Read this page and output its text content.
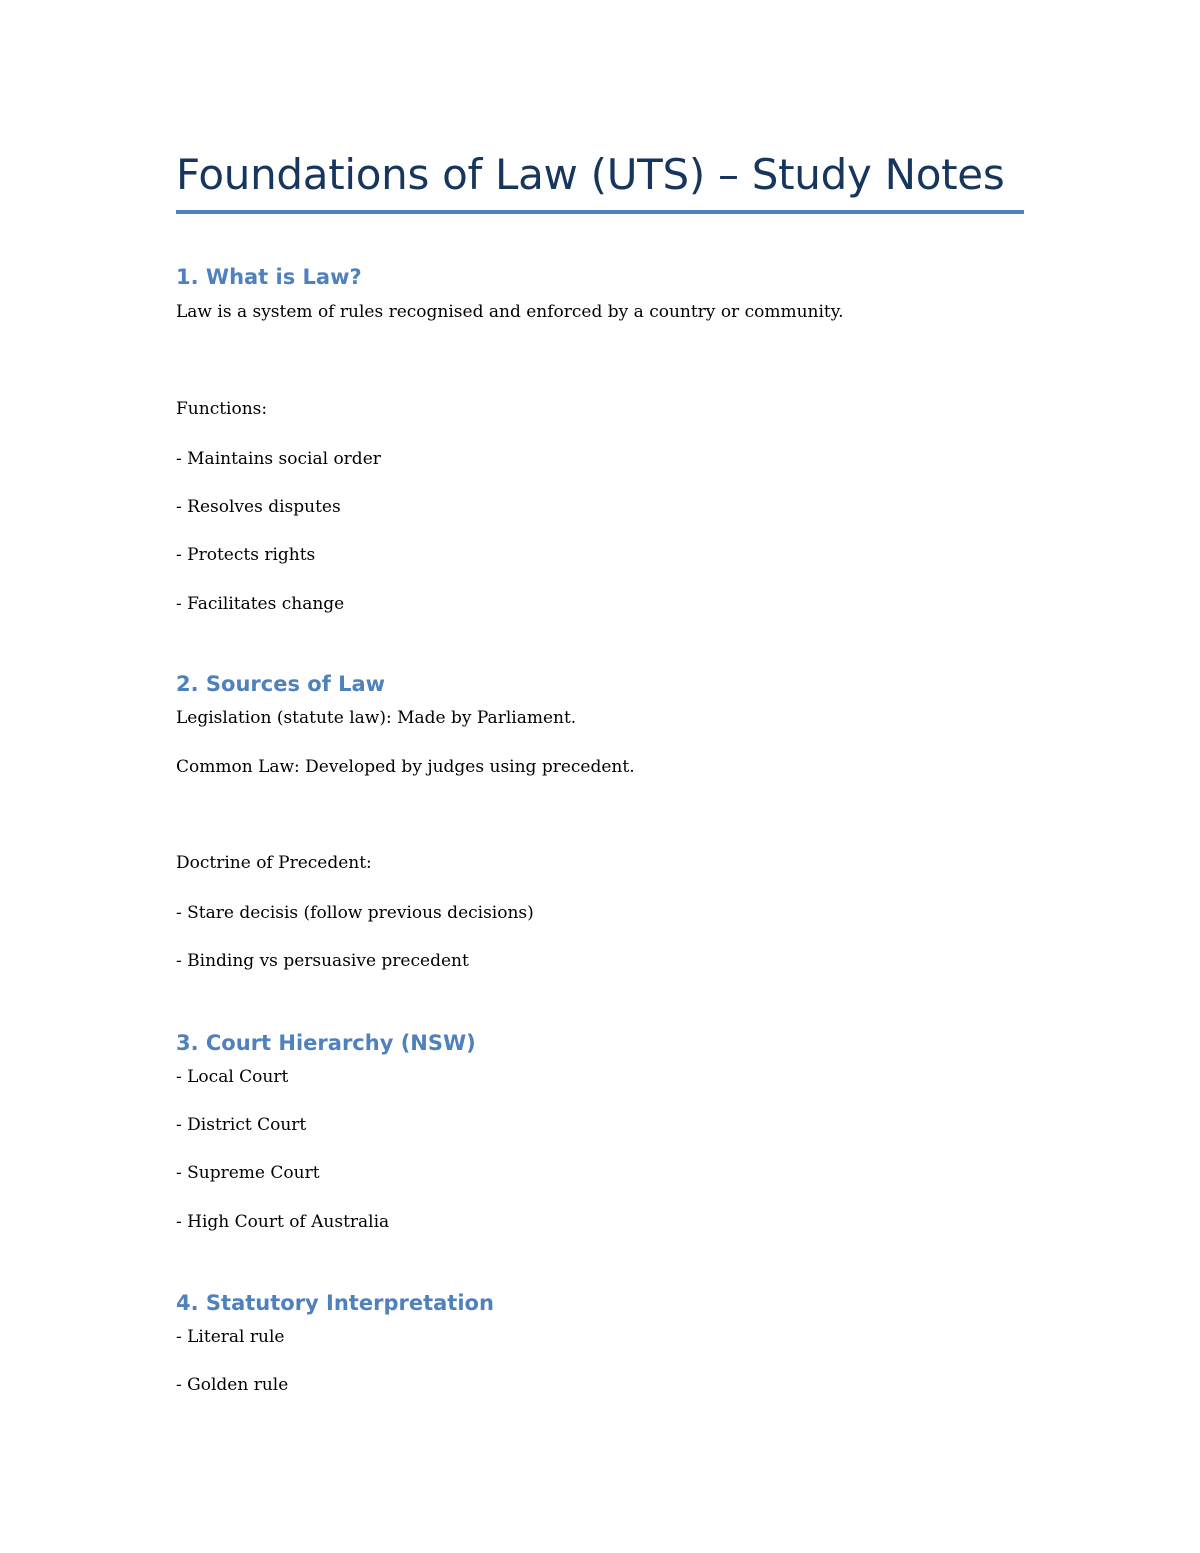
Foundations of Law (UTS) – Study Notes
1. What is Law?

Law is a system of rules recognised and enforced by a country or community.

Functions:

- Maintains social order

- Resolves disputes

- Protects rights

- Facilitates change

2. Sources of Law

Legislation (statute law): Made by Parliament.

Common Law: Developed by judges using precedent.

Doctrine of Precedent:

- Stare decisis (follow previous decisions)

- Binding vs persuasive precedent

3. Court Hierarchy (NSW)

- Local Court

- District Court

- Supreme Court

- High Court of Australia

4. Statutory Interpretation

- Literal rule

- Golden rule
